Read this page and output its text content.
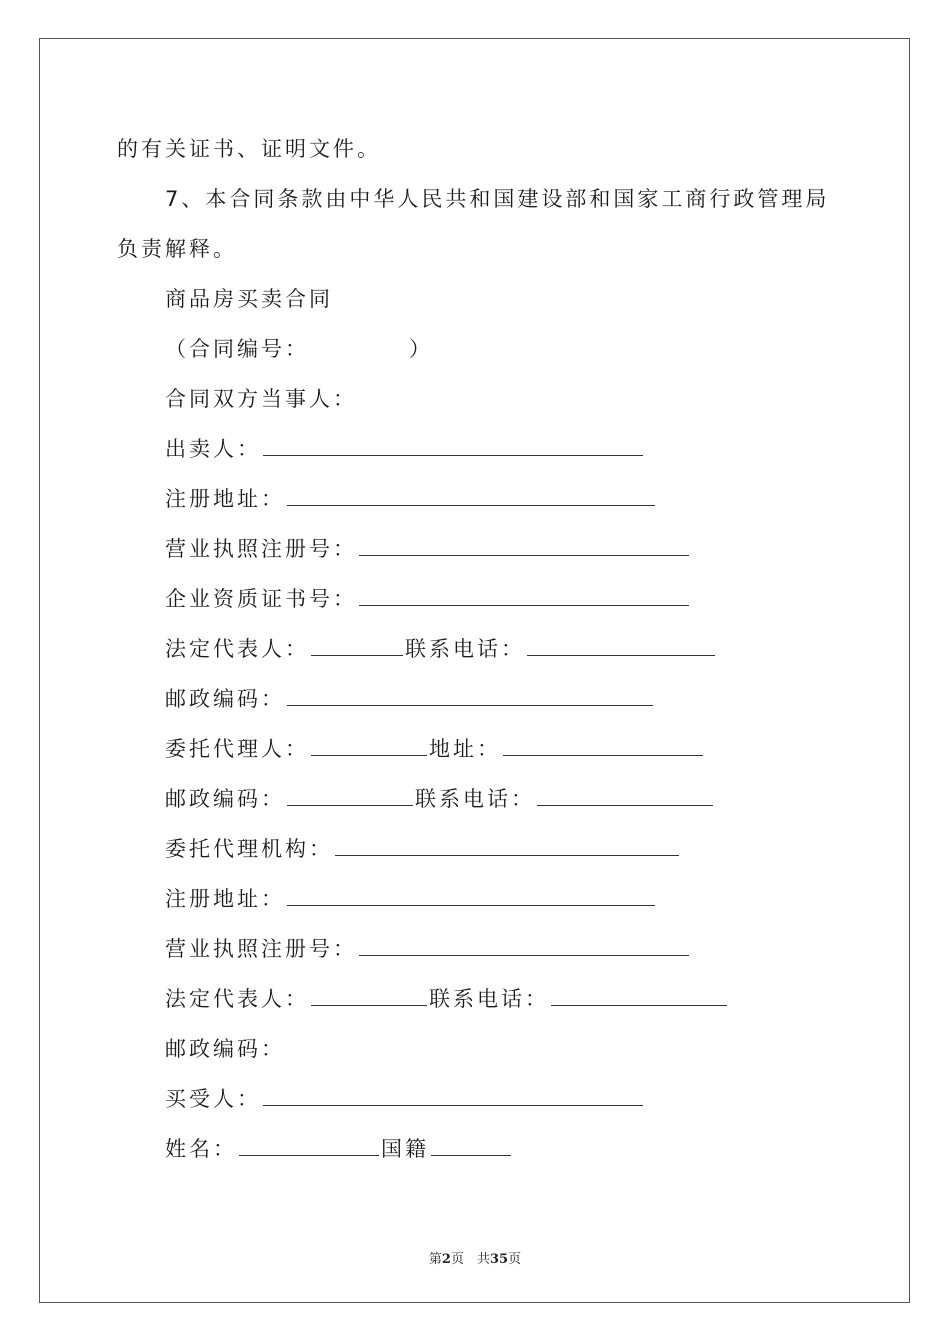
的有关证书、证明文件。
7、本合同条款由中华人民共和国建设部和国家工商行政管理局
负责解释。
商品房买卖合同
（合同编号：	）
合同双方当事人：
出卖人：
注册地址：
营业执照注册号：
企业资质证书号：
法定代表人：	联系电话：
邮政编码：
委托代理人：	地址：
邮政编码：	联系电话：
委托代理机构：
注册地址：
营业执照注册号：
法定代表人：	联系电话：
邮政编码：
买受人：
姓名：	国籍
第2页　共35页
